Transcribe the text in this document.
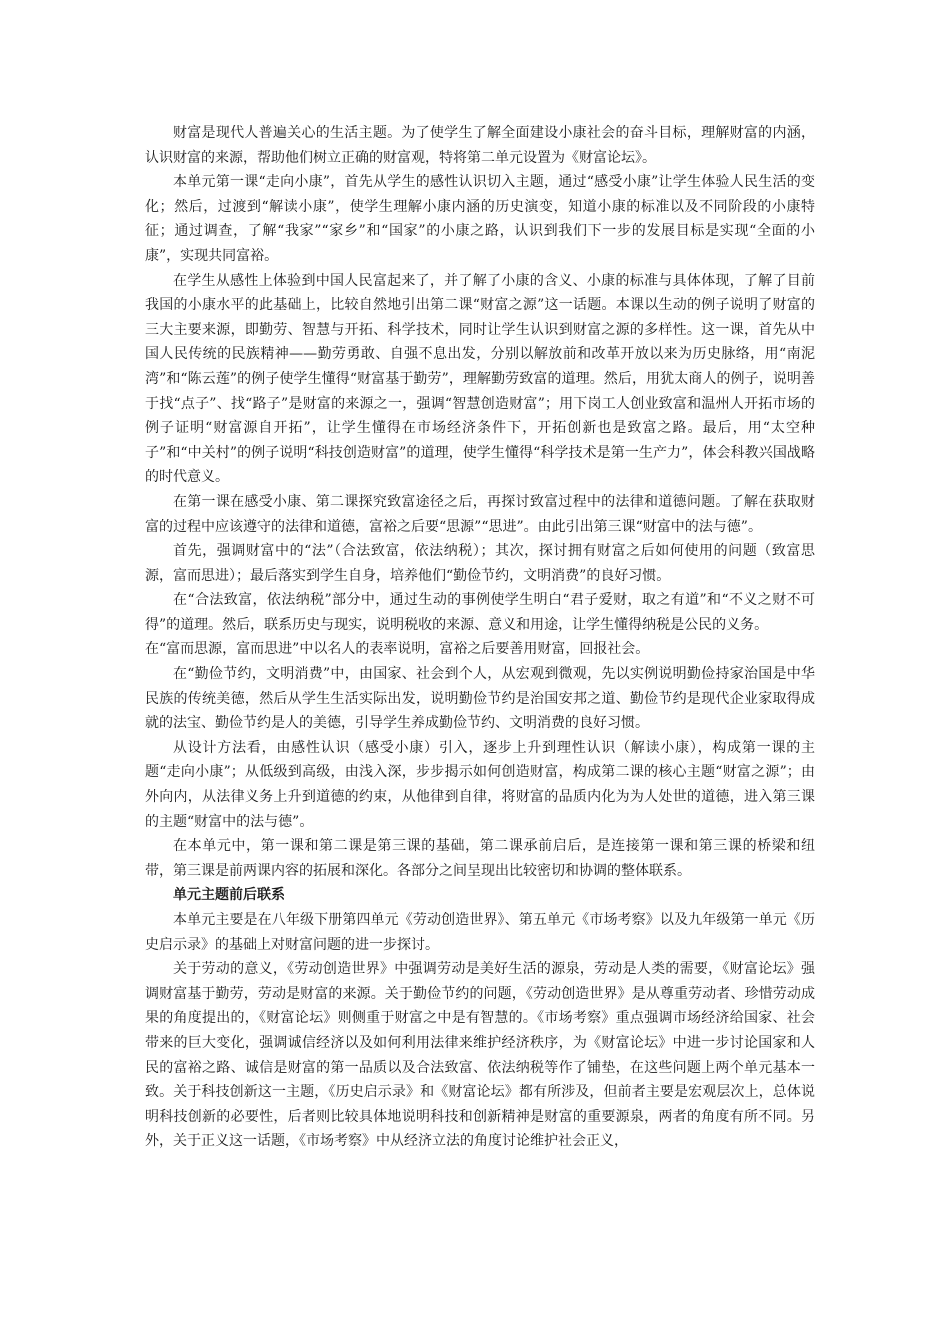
财富是现代人普遍关心的生活主题。为了使学生了解全面建设小康社会的奋斗目标，理解财富的内涵，认识财富的来源，帮助他们树立正确的财富观，特将第二单元设置为《财富论坛》。

本单元第一课“走向小康”，首先从学生的感性认识切入主题，通过“感受小康”让学生体验人民生活的变化；然后，过渡到“解读小康”，使学生理解小康内涵的历史演变，知道小康的标准以及不同阶段的小康特征；通过调查，了解“我家”“家乡”和“国家”的小康之路，认识到我们下一步的发展目标是实现“全面的小康”，实现共同富裕。

在学生从感性上体验到中国人民富起来了，并了解了小康的含义、小康的标准与具体体现，了解了目前我国的小康水平的此基础上，比较自然地引出第二课“财富之源”这一话题。本课以生动的例子说明了财富的三大主要来源，即勤劳、智慧与开拓、科学技术，同时让学生认识到财富之源的多样性。这一课，首先从中国人民传统的民族精神——勤劳勇敢、自强不息出发，分别以解放前和改革开放以来为历史脉络，用“南泥湾”和“陈云莲”的例子使学生懂得“财富基于勤劳”，理解勤劳致富的道理。然后，用犹太商人的例子，说明善于找“点子”、找“路子”是财富的来源之一，强调“智慧创造财富”；用下岗工人创业致富和温州人开拓市场的例子证明“财富源自开拓”，让学生懂得在市场经济条件下，开拓创新也是致富之路。最后，用“太空种子”和“中关村”的例子说明“科技创造财富”的道理，使学生懂得“科学技术是第一生产力”，体会科教兴国战略的时代意义。

在第一课在感受小康、第二课探究致富途径之后，再探讨致富过程中的法律和道德问题。了解在获取财富的过程中应该遵守的法律和道德，富裕之后要“思源”“思进”。由此引出第三课“财富中的法与德”。

首先，强调财富中的“法”（合法致富，依法纳税）；其次，探讨拥有财富之后如何使用的问题（致富思源，富而思进）；最后落实到学生自身，培养他们“勤俭节约，文明消费”的良好习惯。

在“合法致富，依法纳税”部分中，通过生动的事例使学生明白“君子爱财，取之有道”和“不义之财不可得”的道理。然后，联系历史与现实，说明税收的来源、意义和用途，让学生懂得纳税是公民的义务。

在“富而思源，富而思进”中以名人的表率说明，富裕之后要善用财富，回报社会。

在“勤俭节约，文明消费”中，由国家、社会到个人，从宏观到微观，先以实例说明勤俭持家治国是中华民族的传统美德，然后从学生生活实际出发，说明勤俭节约是治国安邦之道、勤俭节约是现代企业家取得成就的法宝、勤俭节约是人的美德，引导学生养成勤俭节约、文明消费的良好习惯。

从设计方法看，由感性认识（感受小康）引入，逐步上升到理性认识（解读小康），构成第一课的主题“走向小康”；从低级到高级，由浅入深，步步揭示如何创造财富，构成第二课的核心主题“财富之源”；由外向内，从法律义务上升到道德的约束，从他律到自律，将财富的品质内化为为人处世的道德，进入第三课的主题“财富中的法与德”。

在本单元中，第一课和第二课是第三课的基础，第二课承前启后，是连接第一课和第三课的桥梁和纽带，第三课是前两课内容的拓展和深化。各部分之间呈现出比较密切和协调的整体联系。

单元主题前后联系

本单元主要是在八年级下册第四单元《劳动创造世界》、第五单元《市场考察》以及九年级第一单元《历史启示录》的基础上对财富问题的进一步探讨。

关于劳动的意义，《劳动创造世界》中强调劳动是美好生活的源泉，劳动是人类的需要，《财富论坛》强调财富基于勤劳，劳动是财富的来源。关于勤俭节约的问题，《劳动创造世界》是从尊重劳动者、珍惜劳动成果的角度提出的，《财富论坛》则侧重于财富之中是有智慧的。《市场考察》重点强调市场经济给国家、社会带来的巨大变化，强调诚信经济以及如何利用法律来维护经济秩序，为《财富论坛》中进一步讨论国家和人民的富裕之路、诚信是财富的第一品质以及合法致富、依法纳税等作了铺垫，在这些问题上两个单元基本一致。关于科技创新这一主题，《历史启示录》和《财富论坛》都有所涉及，但前者主要是宏观层次上，总体说明科技创新的必要性，后者则比较具体地说明科技和创新精神是财富的重要源泉，两者的角度有所不同。另外，关于正义这一话题，《市场考察》中从经济立法的角度讨论维护社会正义，
